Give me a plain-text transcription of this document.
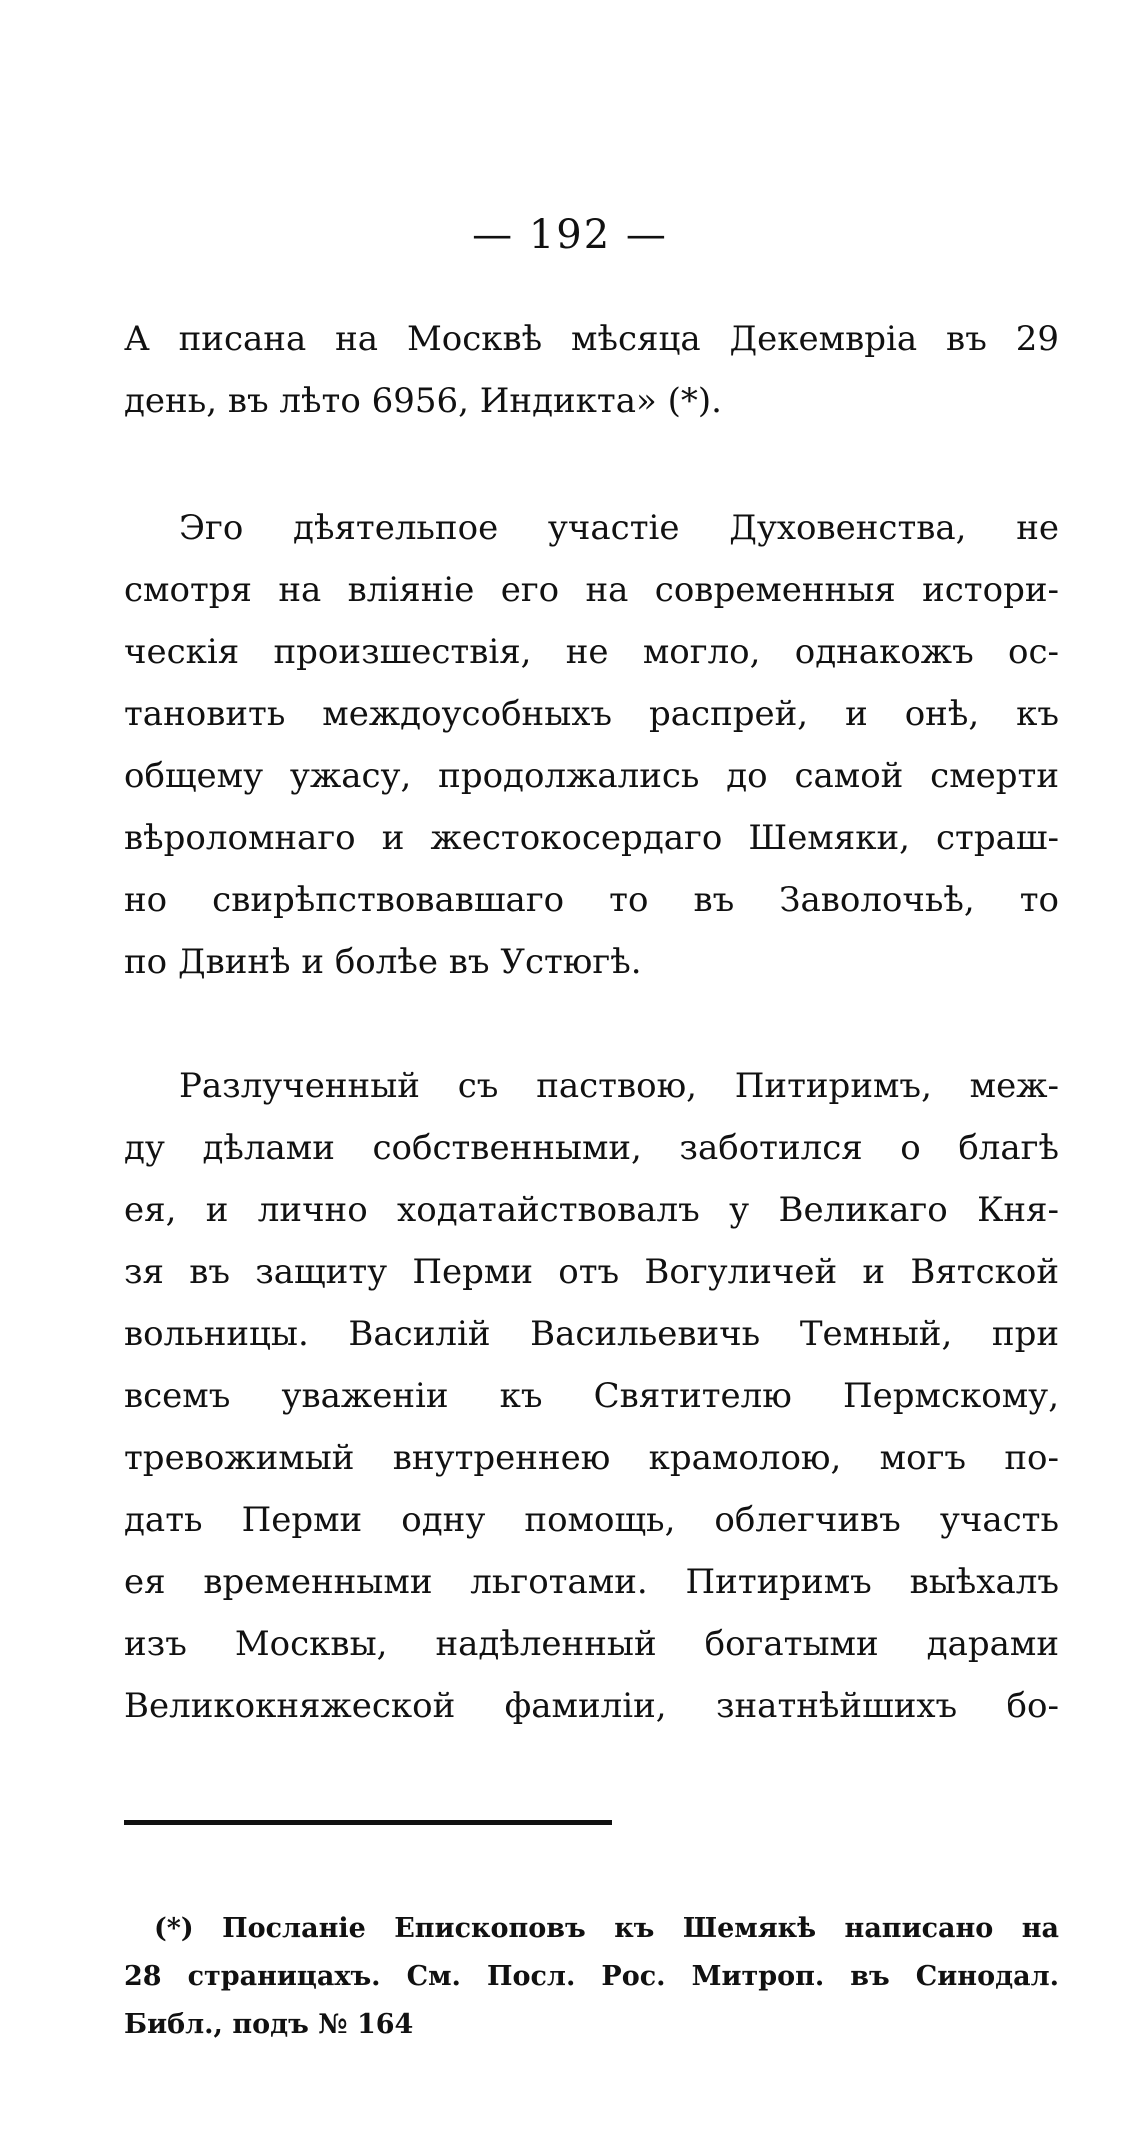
— 192 —

А писана на Москвѣ мѣсяца Декемвріа въ 29
день, въ лѣто 6956, Индикта» (*).

Эго дѣятельпое участіе Духовенства, не
смотря на вліяніе его на современныя истори-
ческія произшествія, не могло, однакожъ ос-
тановить междоусобныхъ распрей, и онѣ, къ
общему ужасу, продолжались до самой смерти
вѣроломнаго и жестокосердаго Шемяки, страш-
но свирѣпствовавшаго то въ Заволочьѣ, то
по Двинѣ и болѣе въ Устюгѣ.

Разлученный съ паствою, Питиримъ, меж-
ду дѣлами собственными, заботился о благѣ
ея, и лично ходатайствовалъ у Великаго Кня-
зя въ защиту Перми отъ Вогуличей и Вятской
вольницы. Василій Васильевичь Темный, при
всемъ уваженіи къ Святителю Пермскому,
тревожимый внутреннею крамолою, могъ по-
дать Перми одну помощь, облегчивъ участь
ея временными льготами. Питиримъ выѣхалъ
изъ Москвы, надѣленный богатыми дарами
Великокняжеской фамиліи, знатнѣйшихъ бо-

(*) Посланіе Епископовъ къ Шемякѣ написано на
28 страницахъ. См. Посл. Рос. Митроп. въ Синодал.
Библ., подъ № 164
